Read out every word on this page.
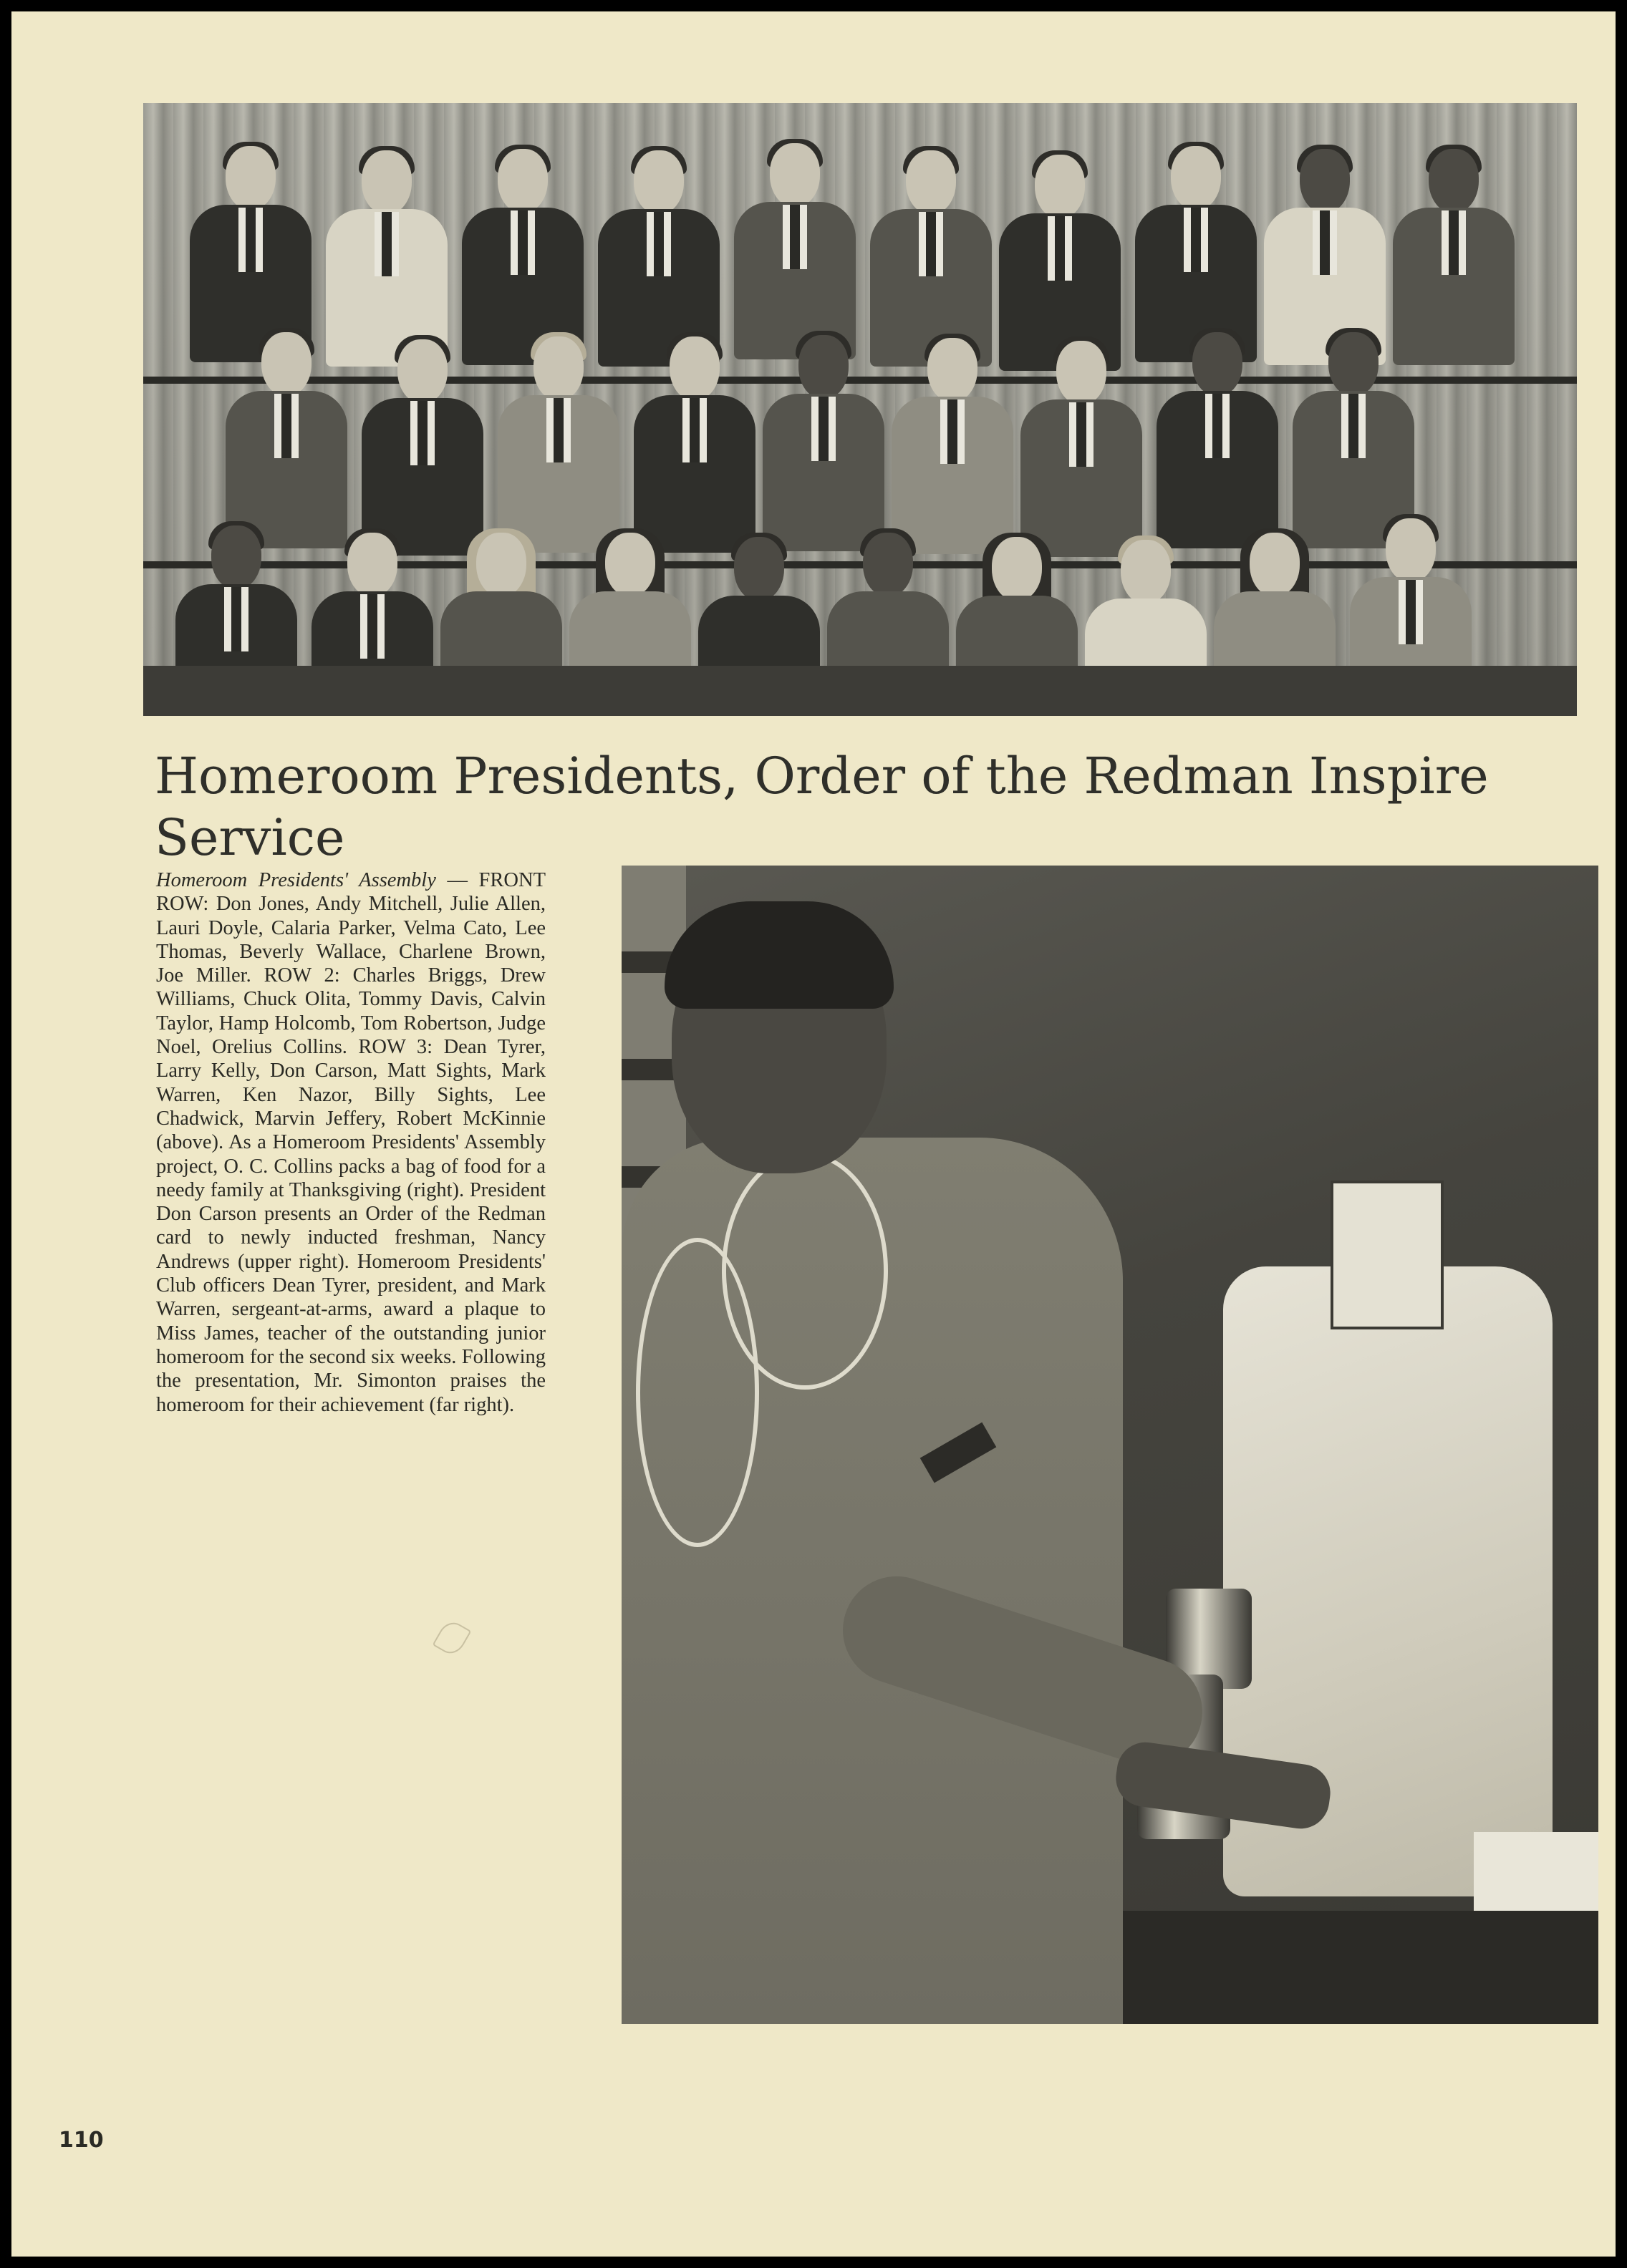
Homeroom Presidents, Order of the Redman Inspire Service
Homeroom Presidents' Assembly — FRONT ROW: Don Jones, Andy Mitchell, Julie Allen, Lauri Doyle, Calaria Parker, Velma Cato, Lee Thomas, Beverly Wallace, Charlene Brown, Joe Miller. ROW 2: Charles Briggs, Drew Williams, Chuck Olita, Tommy Davis, Calvin Taylor, Hamp Holcomb, Tom Robertson, Judge Noel, Orelius Collins. ROW 3: Dean Tyrer, Larry Kelly, Don Carson, Matt Sights, Mark Warren, Ken Nazor, Billy Sights, Lee Chadwick, Marvin Jeffery, Robert McKinnie (above). As a Homeroom Presidents' Assembly project, O. C. Collins packs a bag of food for a needy family at Thanksgiving (right). President Don Carson presents an Order of the Redman card to newly inducted freshman, Nancy Andrews (upper right). Homeroom Presidents' Club officers Dean Tyrer, president, and Mark Warren, sergeant-at-arms, award a plaque to Miss James, teacher of the outstanding junior homeroom for the second six weeks. Following the presentation, Mr. Simonton praises the homeroom for their achievement (far right).
110
